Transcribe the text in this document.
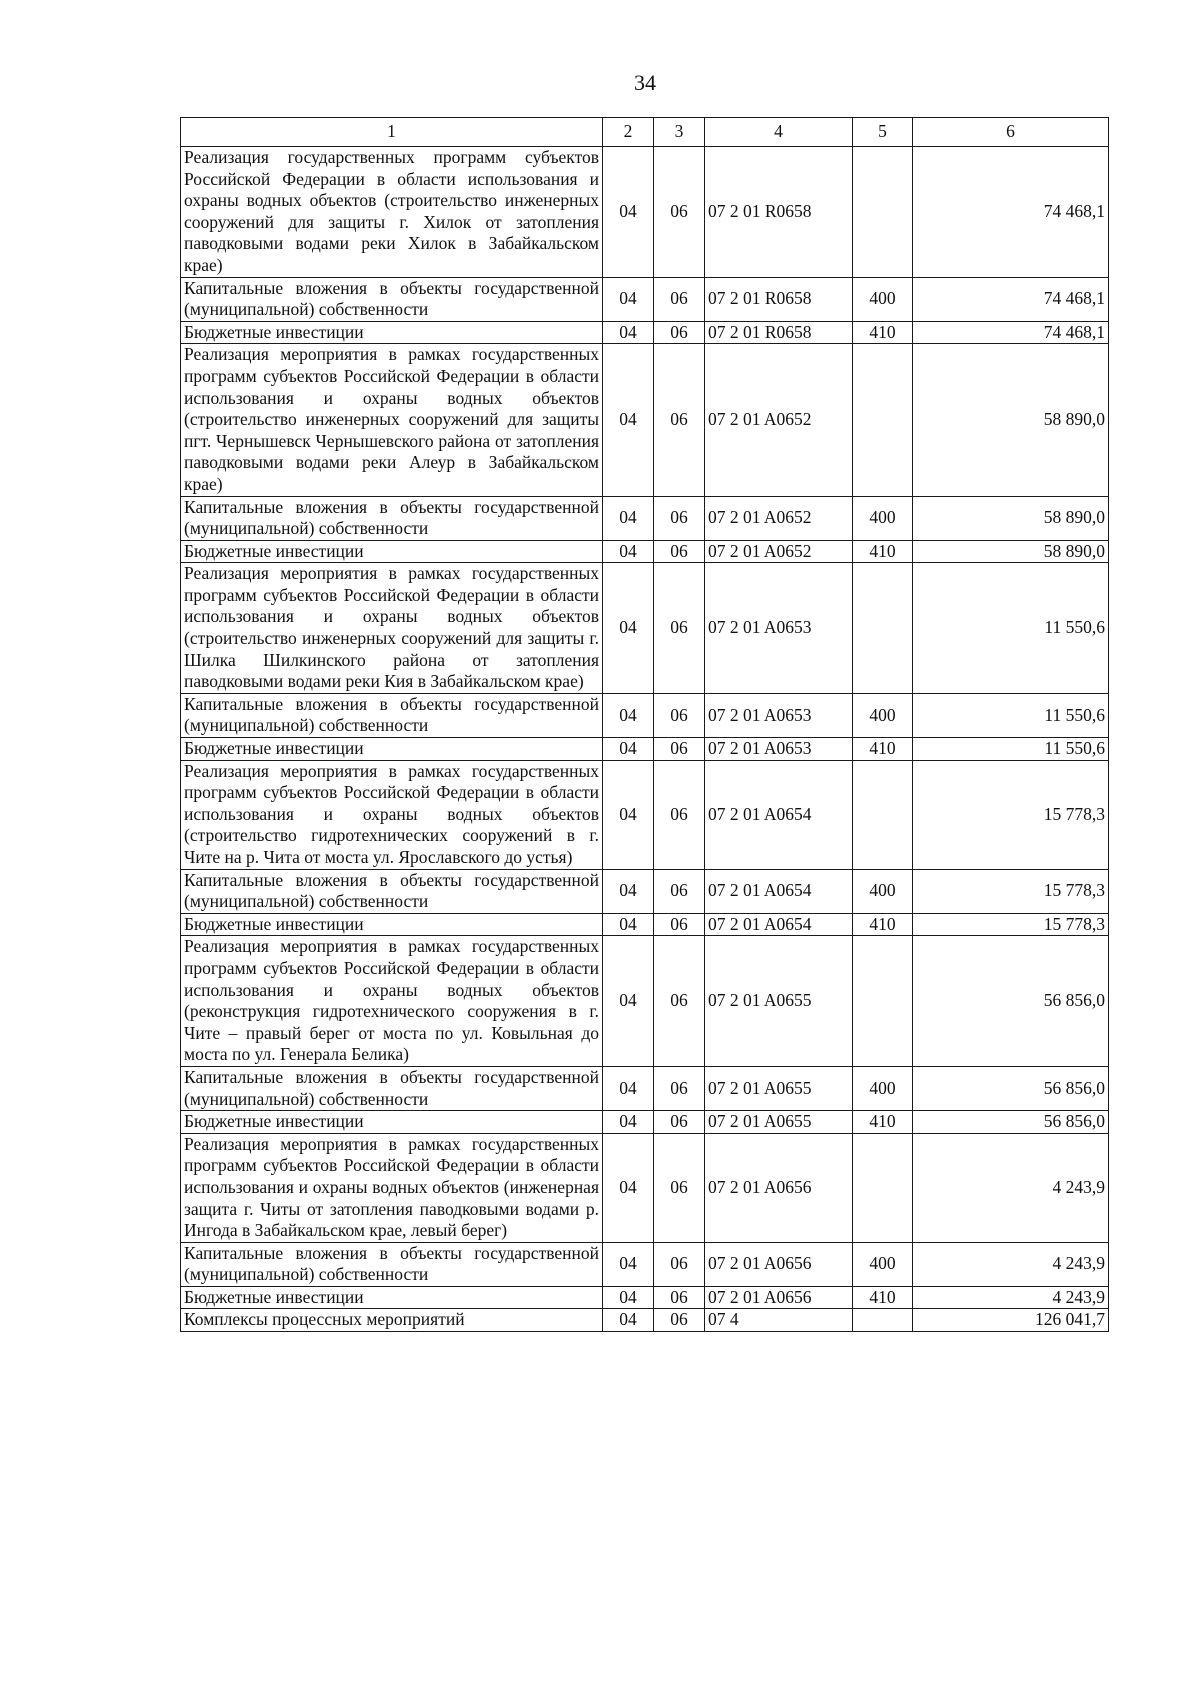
34
1	2	3	4	5	6
Реализация государственных программ субъектов Российской Федерации в области использования и охраны водных объектов (строительство инженерных сооружений для защиты г. Хилок от затопления паводковыми водами реки Хилок в Забайкальском крае)	04	06	07 2 01 R0658		74 468,1
Капитальные вложения в объекты государственной (муниципальной) собственности	04	06	07 2 01 R0658	400	74 468,1
Бюджетные инвестиции	04	06	07 2 01 R0658	410	74 468,1
Реализация мероприятия в рамках государственных программ субъектов Российской Федерации в области использования и охраны водных объектов (строительство инженерных сооружений для защиты пгт. Чернышевск Чернышевского района от затопления паводковыми водами реки Алеур в Забайкальском крае)	04	06	07 2 01 A0652		58 890,0
Капитальные вложения в объекты государственной (муниципальной) собственности	04	06	07 2 01 A0652	400	58 890,0
Бюджетные инвестиции	04	06	07 2 01 A0652	410	58 890,0
Реализация мероприятия в рамках государственных программ субъектов Российской Федерации в области использования и охраны водных объектов (строительство инженерных сооружений для защиты г. Шилка Шилкинского района от затопления паводковыми водами реки Кия в Забайкальском крае)	04	06	07 2 01 A0653		11 550,6
Капитальные вложения в объекты государственной (муниципальной) собственности	04	06	07 2 01 A0653	400	11 550,6
Бюджетные инвестиции	04	06	07 2 01 A0653	410	11 550,6
Реализация мероприятия в рамках государственных программ субъектов Российской Федерации в области использования и охраны водных объектов (строительство гидротехнических сооружений в г. Чите на р. Чита от моста ул. Ярославского до устья)	04	06	07 2 01 A0654		15 778,3
Капитальные вложения в объекты государственной (муниципальной) собственности	04	06	07 2 01 A0654	400	15 778,3
Бюджетные инвестиции	04	06	07 2 01 A0654	410	15 778,3
Реализация мероприятия в рамках государственных программ субъектов Российской Федерации в области использования и охраны водных объектов (реконструкция гидротехнического сооружения в г. Чите – правый берег от моста по ул. Ковыльная до моста по ул. Генерала Белика)	04	06	07 2 01 A0655		56 856,0
Капитальные вложения в объекты государственной (муниципальной) собственности	04	06	07 2 01 A0655	400	56 856,0
Бюджетные инвестиции	04	06	07 2 01 A0655	410	56 856,0
Реализация мероприятия в рамках государственных программ субъектов Российской Федерации в области использования и охраны водных объектов (инженерная защита г. Читы от затопления паводковыми водами р. Ингода в Забайкальском крае, левый берег)	04	06	07 2 01 A0656		4 243,9
Капитальные вложения в объекты государственной (муниципальной) собственности	04	06	07 2 01 A0656	400	4 243,9
Бюджетные инвестиции	04	06	07 2 01 A0656	410	4 243,9
Комплексы процессных мероприятий	04	06	07 4		126 041,7
